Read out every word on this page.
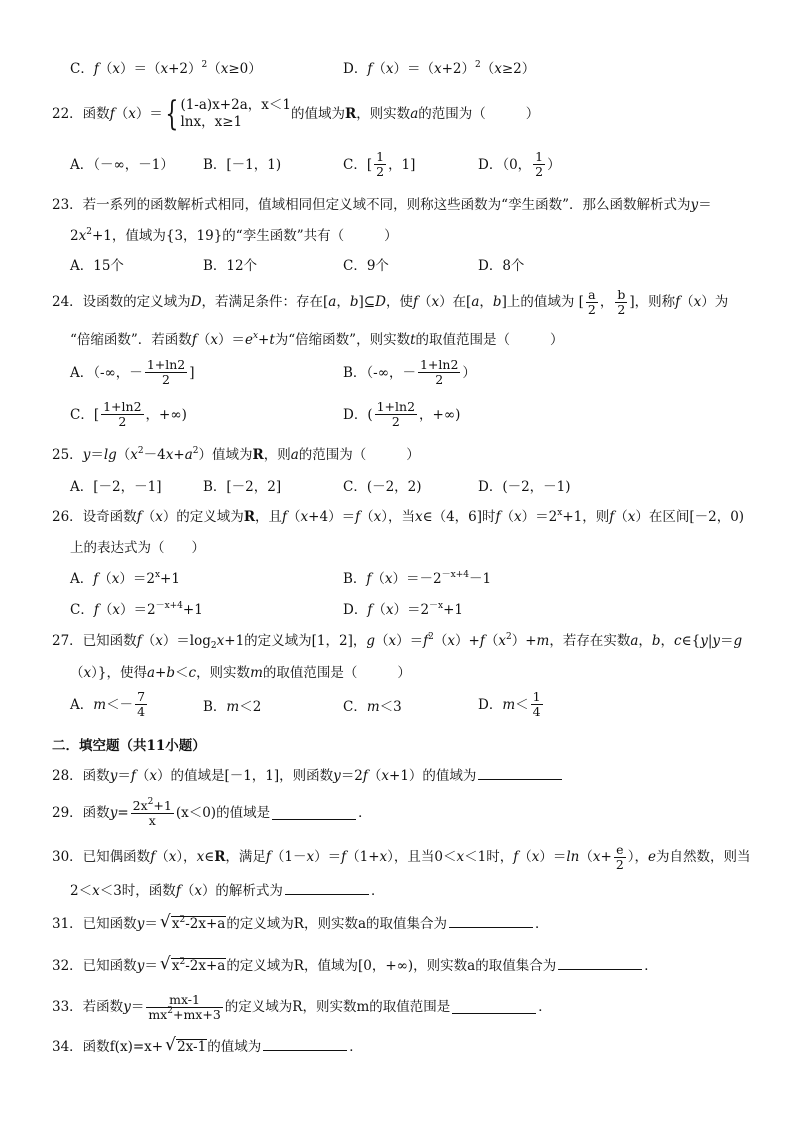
C．$f(x)=(x+2)^2(x\ge 0)$	D．$f(x)=(x+2)^2(x\ge 2)$
22．函数 f （ x ）＝ { (1-a)x+2a，x＜1
lnx，x≥1	的值域为 R ，则实数 a 的范围为（	）
A．（－∞，－1） B．[－1，1)	C．[ $\frac{1}{2}$ ，1]	D．（0， $\frac{1}{2}$ ）
23．若一系列的函数解析式相同，值域相同但定义域不同，则称这些函数为“孪生函数”．那么函数解析式为y＝
$2x^2+1$，值域为{3，19}的“孪生函数”共有（	）
A．15个	B．12个	C．9个	D．8个
24．设函数的定义域为 D ，若满足条件：存在[ a ， b ]⊆ D ，使 f （ x ）在[ a ， b ]上的值域为 [ $\frac{a}{2}$ ， $\frac{b}{2}$ ]，则称 f （ x ）为
“倍缩函数”．若函数$f(x)=e^x+t$为“倍缩函数”，则实数t的取值范围是（	）
A．（-∞，－ $\frac{1+\ln 2}{2}$ ]	B．（-∞，－ $\frac{1+\ln 2}{2}$ ）
C．[ $\frac{1+\ln 2}{2}$ ，+∞)	D．( $\frac{1+\ln 2}{2}$ ，+∞)
25．$y=\lg(x^2-4x+a^2)$值域为R，则a的范围为（	）
A．[－2，－1]	B．[－2，2]	C．(－2，2)	D．(－2，－1)
26．设奇函数f（x）的定义域为R，且f（x+4）＝f（x），当x∈（4，6]时$f(x)=2^x+1$，则f（x）在区间[－2，0)
上的表达式为（　　）
A．$f(x)=2^x+1$	B．$f(x)=-2^{-x+4}-1$
C．$f(x)=2^{-x+4}+1$	D．$f(x)=2^{-x}+1$
27．已知函数$f(x)=\log_2x+1$的定义域为[1，2]，$g(x)=f^2(x)+f(x^2)+m$，若存在实数a，b，c∈{y|y＝g
（x）}，使得a+b＜c，则实数m的取值范围是（	）
A． $m <- \frac{7}{4}$	B．m＜2	C．m＜3	D． $m < \frac{1}{4}$
二．填空题（共11小题）
28．函数y＝f（x）的值域是[－1，1]，则函数y＝2f（x+1）的值域为
29．函数 $y = \frac{2x^2+1}{x} (x<0)$的值域是	．
30．已知偶函数 f （ x ）， x ∈ R ，满足 f （1－ x ）＝ f （1+ x ），且当0＜ x ＜1时， f （ x ）＝ ln （ $x + \frac{e}{2}$ ）， e 为自然数，则当
2＜x＜3时，函数f（x）的解析式为	．
31．已知函数y＝ √ $x^2-2x+a$的定义域为R，则实数a的取值集合为	．
32．已知函数y＝ √ $x^2-2x+a$的定义域为R，值域为[0，+∞)，则实数a的取值集合为	．
33．若函数 $y = \frac{mx-1}{mx^2+mx+3}$ 的定义域为R，则实数m的取值范围是	．
34．函数f(x)=x+ √ 2x-1的值域为	．
